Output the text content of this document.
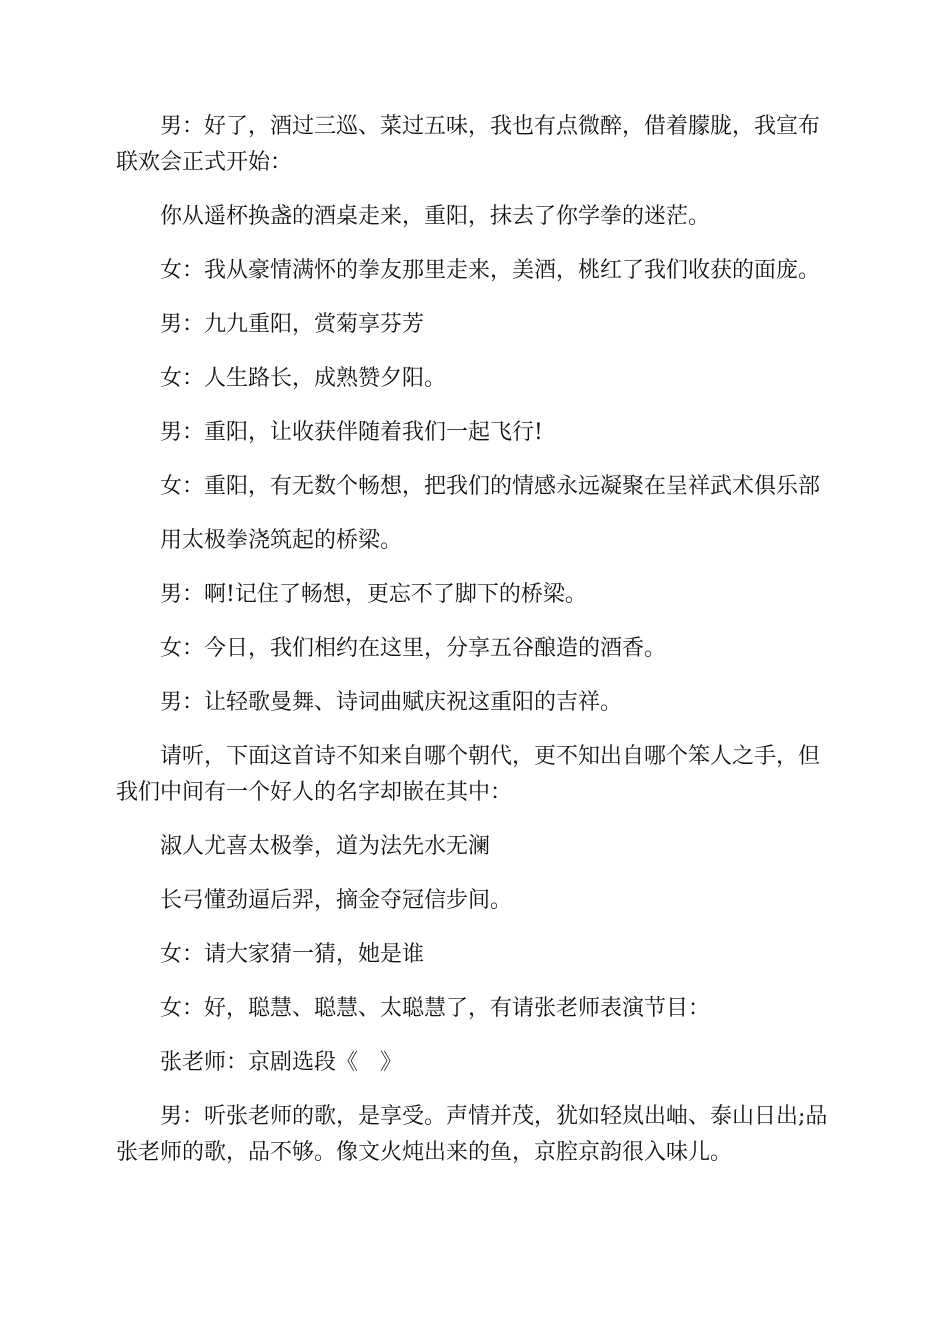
男：好了，酒过三巡、菜过五味，我也有点微醉，借着朦胧，我宣布联欢会正式开始：

你从遥杯换盏的酒桌走来，重阳，抹去了你学拳的迷茫。

女：我从豪情满怀的拳友那里走来，美酒，桃红了我们收获的面庞。

男：九九重阳，赏菊享芬芳

女：人生路长，成熟赞夕阳。

男：重阳，让收获伴随着我们一起飞行!

女：重阳，有无数个畅想，把我们的情感永远凝聚在呈祥武术俱乐部

用太极拳浇筑起的桥梁。

男：啊!记住了畅想，更忘不了脚下的桥梁。

女：今日，我们相约在这里，分享五谷酿造的酒香。

男：让轻歌曼舞、诗词曲赋庆祝这重阳的吉祥。

请听，下面这首诗不知来自哪个朝代，更不知出自哪个笨人之手，但我们中间有一个好人的名字却嵌在其中：

淑人尤喜太极拳，道为法先水无澜

长弓懂劲逼后羿，摘金夺冠信步间。

女：请大家猜一猜，她是谁

女：好，聪慧、聪慧、太聪慧了，有请张老师表演节目：

张老师：京剧选段《　》

男：听张老师的歌，是享受。声情并茂，犹如轻岚出岫、泰山日出;品张老师的歌，品不够。像文火炖出来的鱼，京腔京韵很入味儿。
